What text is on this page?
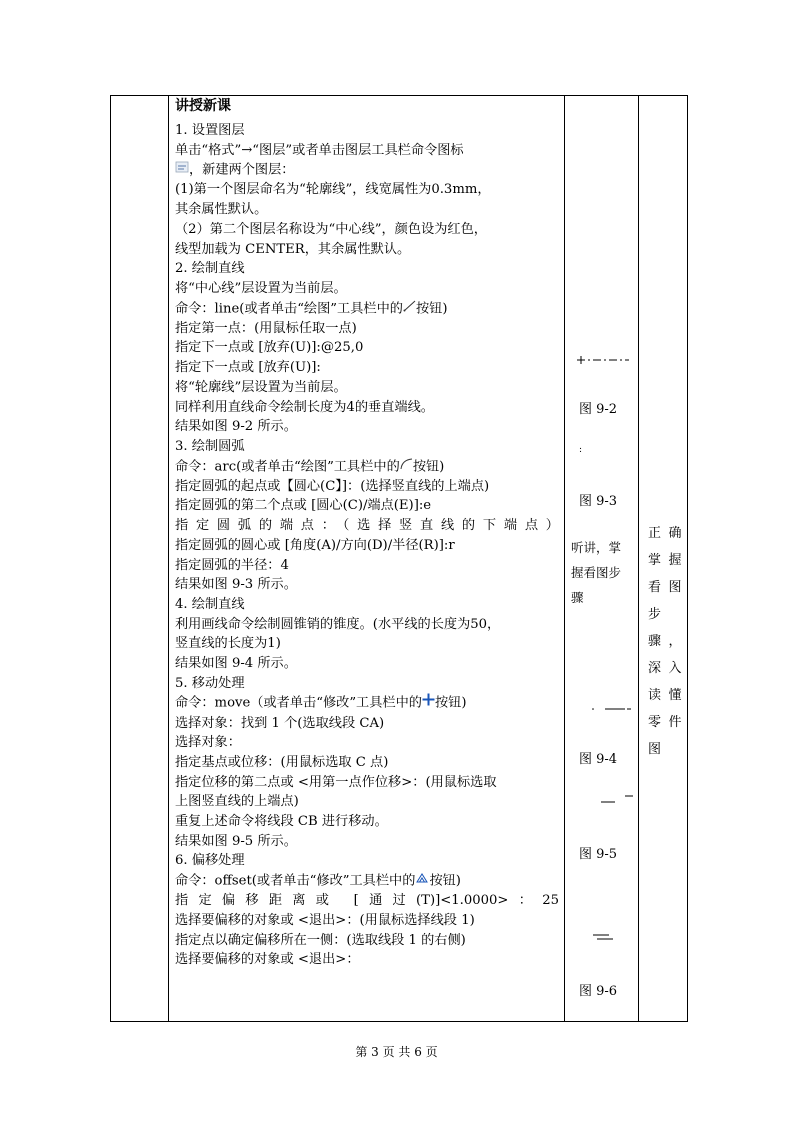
讲授新课
1. 设置图层
单击“格式”→“图层”或者单击图层工具栏命令图标
，新建两个图层：
(1)第一个图层命名为“轮廓线”，线宽属性为0.3mm，
其余属性默认。
（2）第二个图层名称设为“中心线”，颜色设为红色，
线型加载为 CENTER，其余属性默认。
2. 绘制直线
将“中心线”层设置为当前层。
命令：line(或者单击“绘图”工具栏中的 按钮)
指定第一点：(用鼠标任取一点)
指定下一点或 [放弃(U)]:@25,0
指定下一点或 [放弃(U)]:
将“轮廓线”层设置为当前层。
同样利用直线命令绘制长度为4的垂直端线。
结果如图 9-2 所示。
3. 绘制圆弧
命令：arc(或者单击“绘图”工具栏中的 按钮)
指定圆弧的起点或【圆心(C】]：(选择竖直线的上端点)
指定圆弧的第二个点或 [圆心(C)/端点(E)]:e
指定圆弧的端点：（选择竖直线的下端点）
指定圆弧的圆心或 [角度(A)/方向(D)/半径(R)]:r
指定圆弧的半径：4
结果如图 9-3 所示。
4. 绘制直线
利用画线命令绘制圆锥销的锥度。(水平线的长度为50，
竖直线的长度为1)
结果如图 9-4 所示。
5. 移动处理
命令：move（或者单击“修改”工具栏中的 按钮)
选择对象：找到 1 个(选取线段 CA)
选择对象：
指定基点或位移：(用鼠标选取 C 点)
指定位移的第二点或 <用第一点作位移>：(用鼠标选取
上图竖直线的上端点)
重复上述命令将线段 CB 进行移动。
结果如图 9-5 所示。
6. 偏移处理
命令：offset(或者单击“修改”工具栏中的 按钮)
指定偏移距离或 [通过(T)]<1.0000>：25
选择要偏移的对象或 <退出>：(用鼠标选择线段 1)
指定点以确定偏移所在一侧：(选取线段 1 的右侧)
选择要偏移的对象或 <退出>：
图 9-2
:
图 9-3
听讲，掌握看图步骤
图 9-4
图 9-5
图 9-6
正确掌握看图步骤，深入读懂零件图
第 3 页 共 6 页
